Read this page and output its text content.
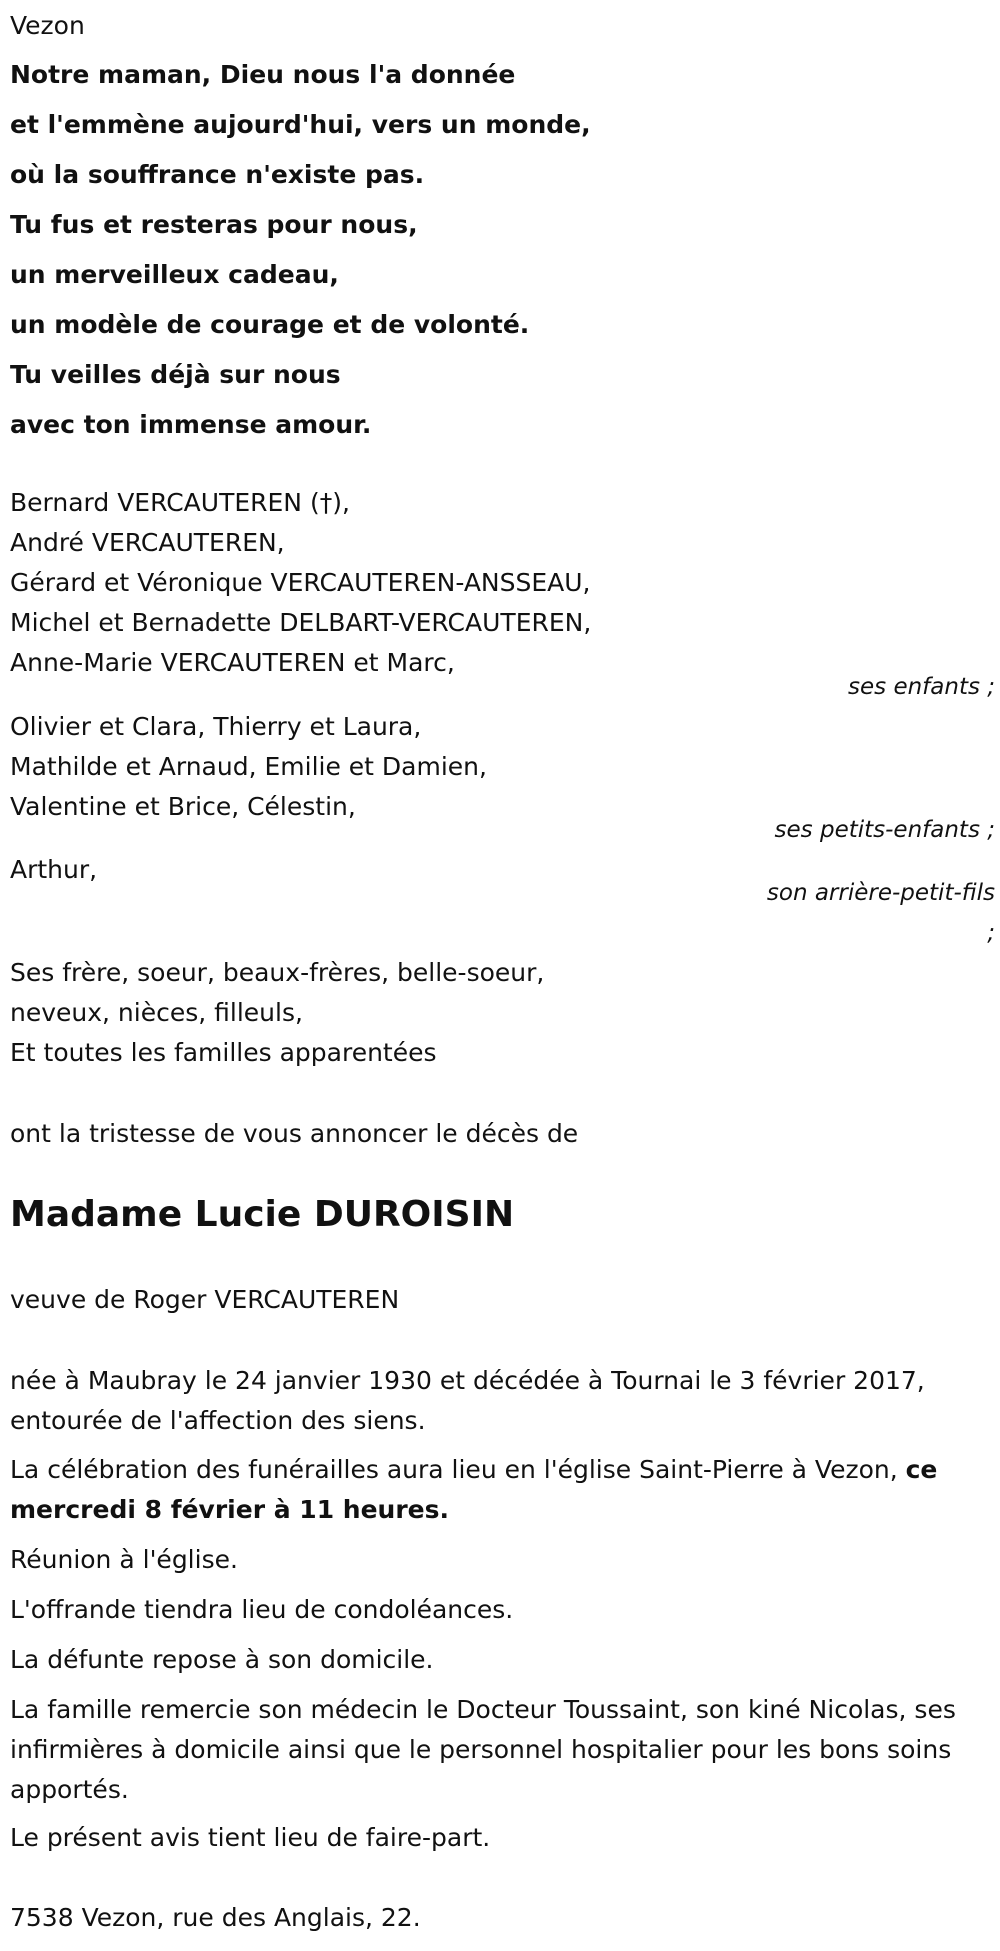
Vezon
Notre maman, Dieu nous l'a donnée
et l'emmène aujourd'hui, vers un monde,
où la souffrance n'existe pas.
Tu fus et resteras pour nous,
un merveilleux cadeau,
un modèle de courage et de volonté.
Tu veilles déjà sur nous
avec ton immense amour.
Bernard VERCAUTEREN (†),
André VERCAUTEREN,
Gérard et Véronique VERCAUTEREN-ANSSEAU,
Michel et Bernadette DELBART-VERCAUTEREN,
Anne-Marie VERCAUTEREN et Marc,
ses enfants ;
Olivier et Clara, Thierry et Laura,
Mathilde et Arnaud, Emilie et Damien,
Valentine et Brice, Célestin,
ses petits-enfants ;
Arthur,
son arrière-petit-fils
;
Ses frère, soeur, beaux-frères, belle-soeur,
neveux, nièces, filleuls,
Et toutes les familles apparentées
ont la tristesse de vous annoncer le décès de
Madame Lucie DUROISIN
veuve de Roger VERCAUTEREN
née à Maubray le 24 janvier 1930 et décédée à Tournai le 3 février 2017, entourée de l'affection des siens.
La célébration des funérailles aura lieu en l'église Saint-Pierre à Vezon, ce mercredi 8 février à 11 heures.
Réunion à l'église.
L'offrande tiendra lieu de condoléances.
La défunte repose à son domicile.
La famille remercie son médecin le Docteur Toussaint, son kiné Nicolas, ses infirmières à domicile ainsi que le personnel hospitalier pour les bons soins apportés.
Le présent avis tient lieu de faire-part.
7538 Vezon, rue des Anglais, 22.
